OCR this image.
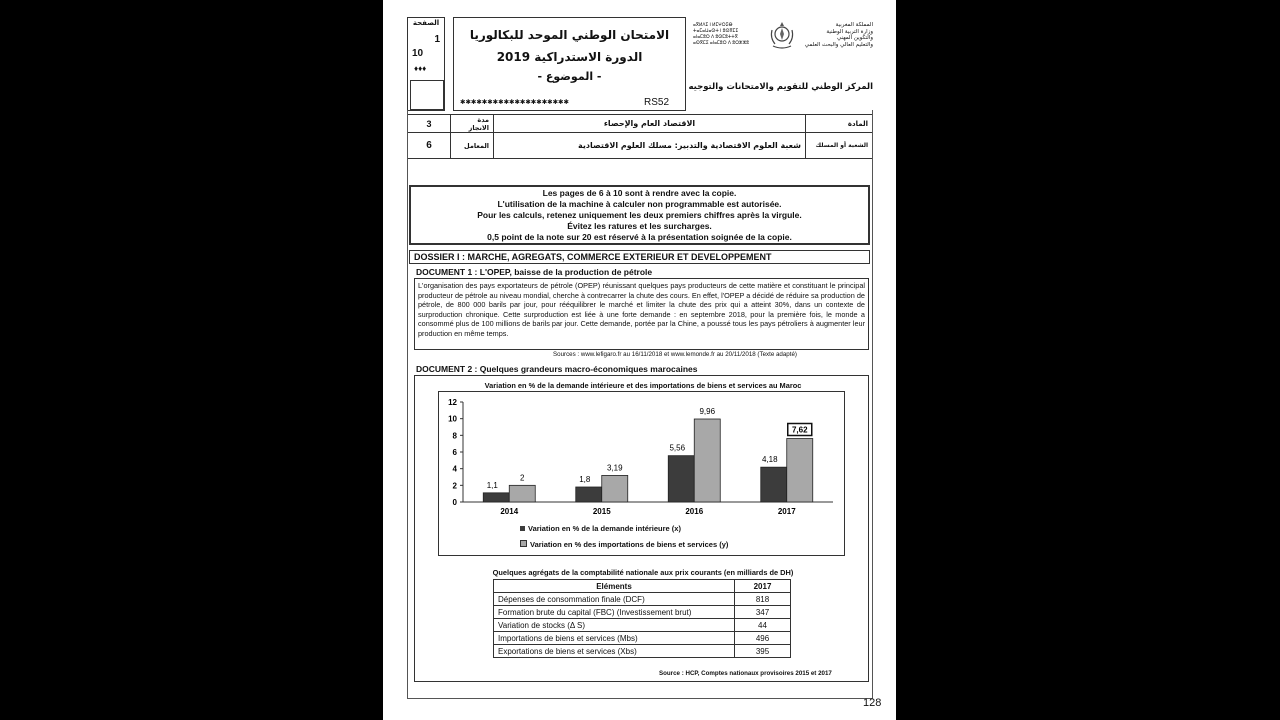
الصفحة
1
10
♦♦♦
الامتحان الوطني الموحد للبكالوريا
الدورة الاستدراكية 2019
- الموضوع -
✱✱✱✱✱✱✱✱✱✱✱✱✱✱✱✱✱✱✱✱	RS52
ⴰⴳⵍⴷⵉ ⵏ ⵍⵎⵖⵔⵉⴱ
ⵜⴰⵎⴰⵡⴰⵙⵜ ⵏ ⵓⵙⴳⵎⵉ
ⴰⵏⴰⵎⵓⵔ ⴷ ⵓⵙⵎⵓⵜⵜⴳ
ⴰⵙⴳⵎⵉ ⴰⵏⴰⵎⵓⵔ ⴷ ⵓⵔⵣⵣⵓ
المملكة المغربية
وزارة التربية الوطنية
والتكوين المهني
والتعليم العالي والبحث العلمي
المركز الوطني للتقويم والامتحانات والتوجيه
3	مدة الانجاز	الاقتصاد العام والإحصاء	المادة
6	المعامل	شعبة العلوم الاقتصادية والتدبير: مسلك العلوم الاقتصادية	الشعبة أو المسلك
Les pages de 6 à 10 sont à rendre avec la copie.
L'utilisation de la machine à calculer non programmable est autorisée.
Pour les calculs, retenez uniquement les deux premiers chiffres après la virgule.
Évitez les ratures et les surcharges.
0,5 point de la note sur 20 est réservé à la présentation soignée de la copie.
DOSSIER I : MARCHE, AGREGATS, COMMERCE EXTERIEUR ET DEVELOPPEMENT
DOCUMENT 1 : L'OPEP, baisse de la production de pétrole
L'organisation des pays exportateurs de pétrole (OPEP) réunissant quelques pays producteurs de cette matière et constituant le principal producteur de pétrole au niveau mondial, cherche à contrecarrer la chute des cours. En effet, l'OPEP a décidé de réduire sa production de pétrole, de 800 000 barils par jour, pour rééquilibrer le marché et limiter la chute des prix qui a atteint 30%, dans un contexte de surproduction chronique. Cette surproduction est liée à une forte demande : en septembre 2018, pour la première fois, le monde a consommé plus de 100 millions de barils par jour. Cette demande, portée par la Chine, a poussé tous les pays pétroliers à augmenter leur production en même temps.
Sources : www.lefigaro.fr au 16/11/2018 et www.lemonde.fr au 20/11/2018 (Texte adapté)
DOCUMENT 2 : Quelques grandeurs macro-économiques marocaines
Variation en % de la demande intérieure et des importations de biens et services au Maroc
0
2
4
6
8
10
12
1,1
2
2014
1,8
3,19
2015
5,56
9,96
2016
4,18
7,62
2017
Variation en % de la demande intérieure (x)
Variation en % des importations de biens et services (y)
Quelques agrégats de la comptabilité nationale aux prix courants (en milliards de DH)
Eléments	2017
Dépenses de consommation finale (DCF)	818
Formation brute du capital (FBC) (Investissement brut)	347
Variation de stocks (Δ S)	44
Importations de biens et services (Mbs)	496
Exportations de biens et services (Xbs)	395
Source : HCP, Comptes nationaux provisoires 2015 et 2017
128
